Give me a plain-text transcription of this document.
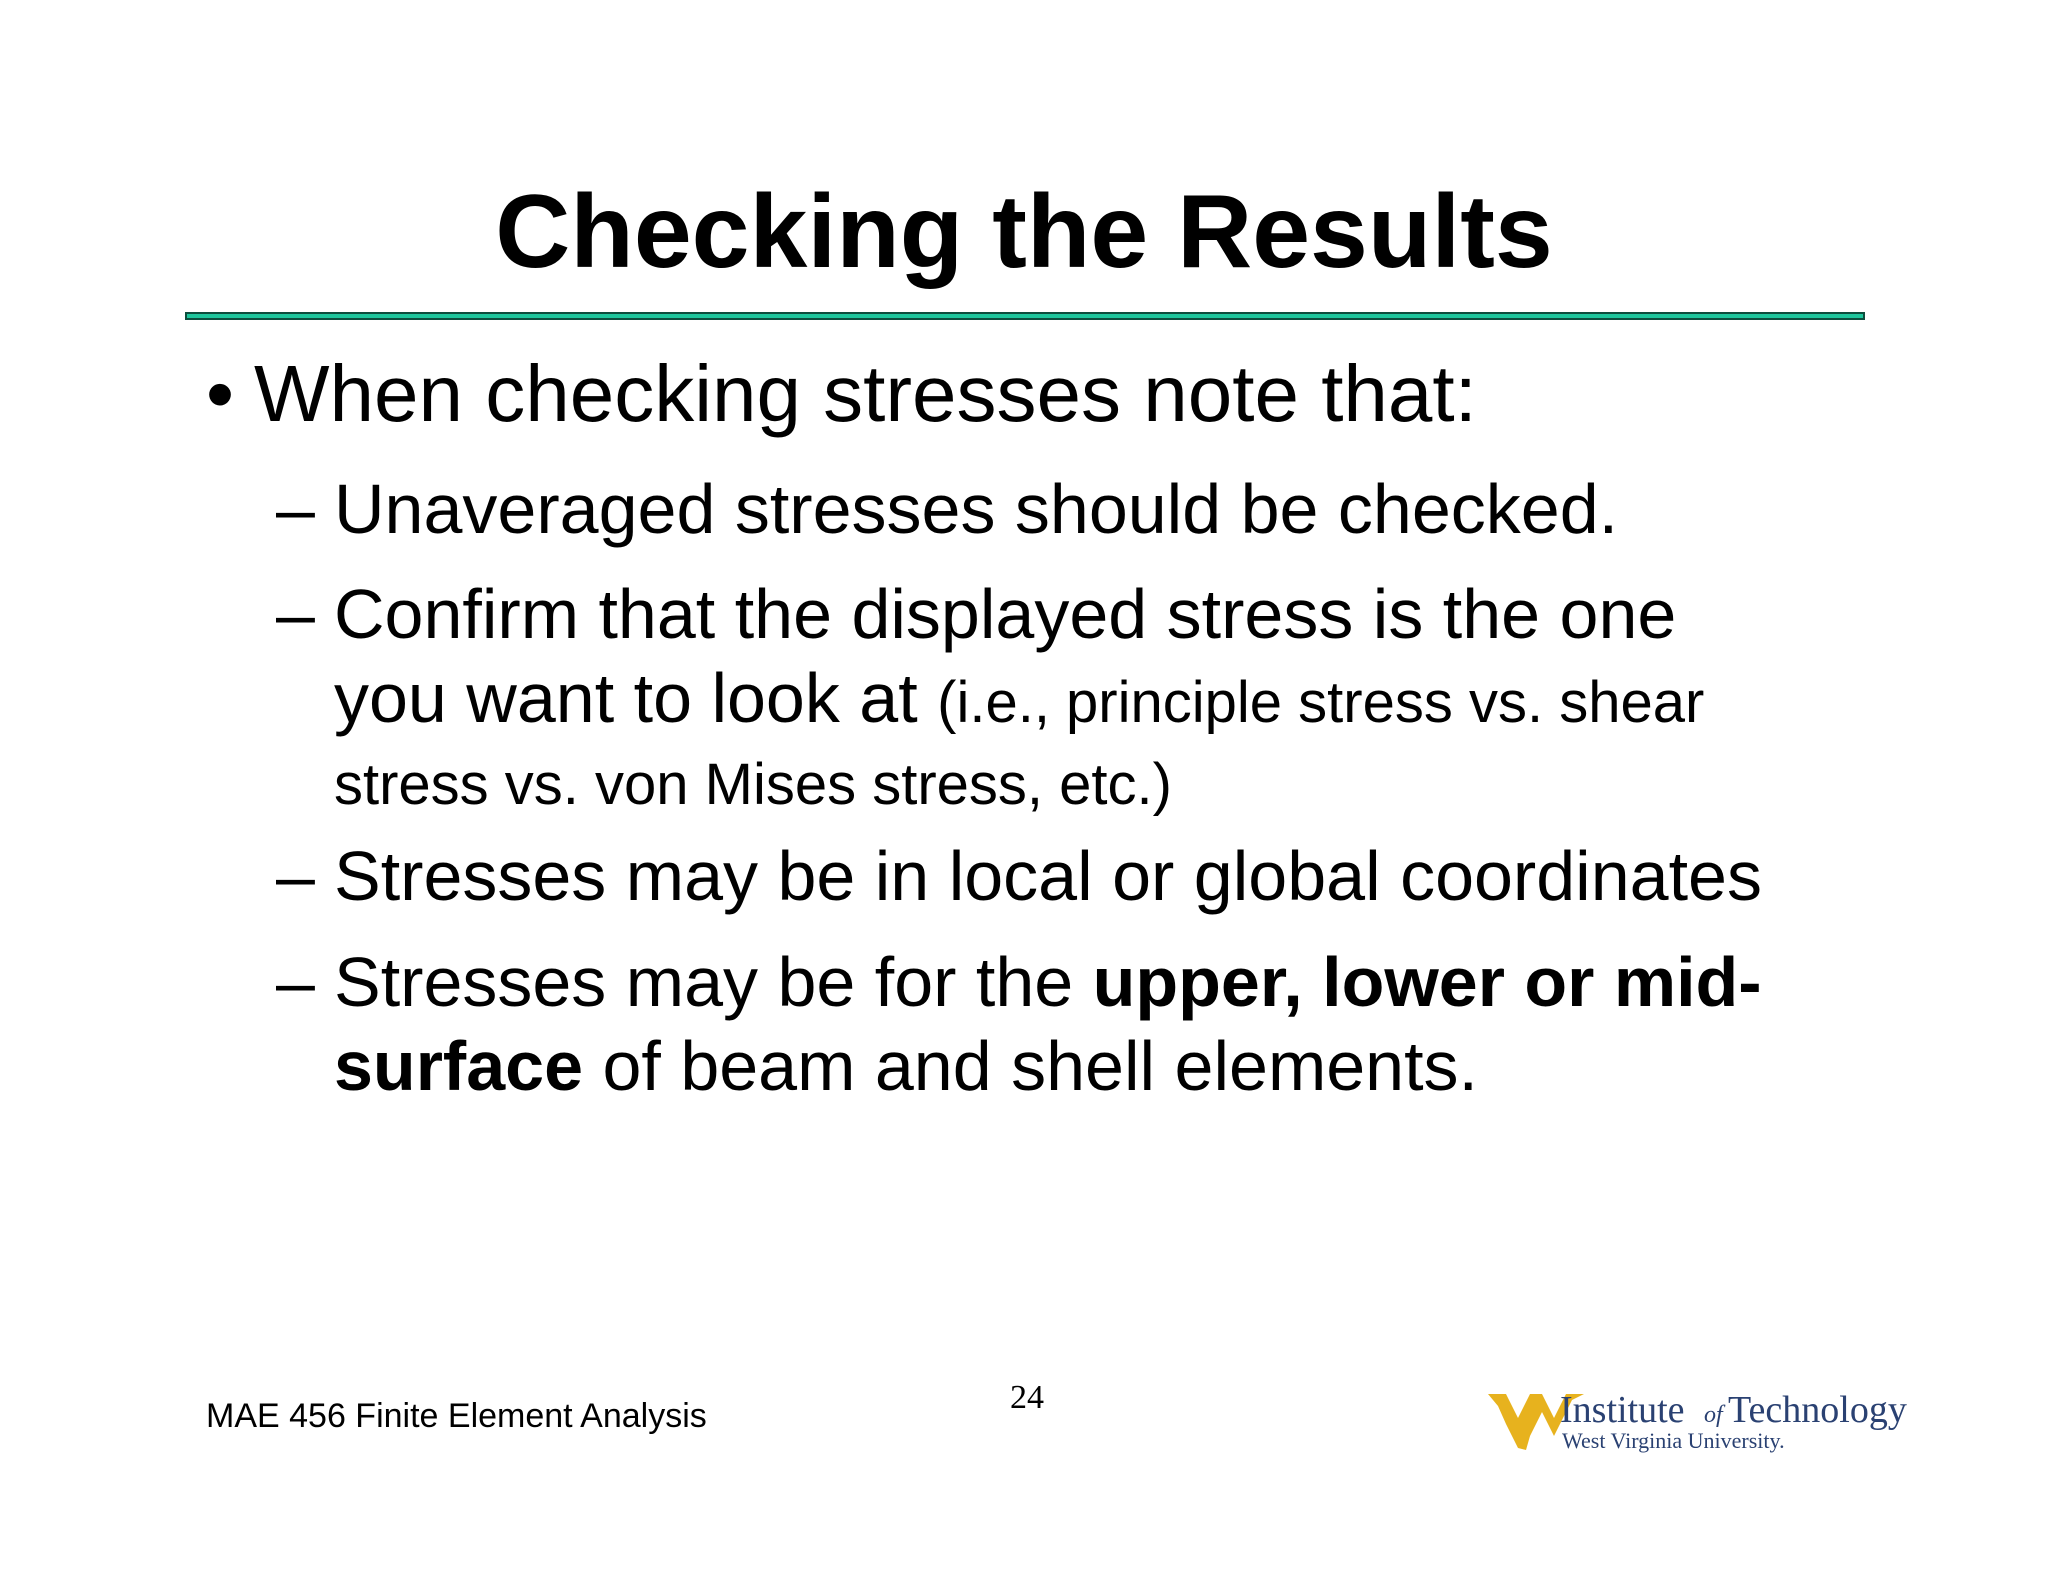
Checking the Results
• When checking stresses note that:
– Unaveraged stresses should be checked.
– Confirm that the displayed stress is the one
you want to look at (i.e., principle stress vs. shear
stress vs. von Mises stress, etc.)
– Stresses may be in local or global coordinates
– Stresses may be for the upper, lower or mid-
surface of beam and shell elements.
MAE 456 Finite Element Analysis	24	Institute of Technology
West Virginia University.
